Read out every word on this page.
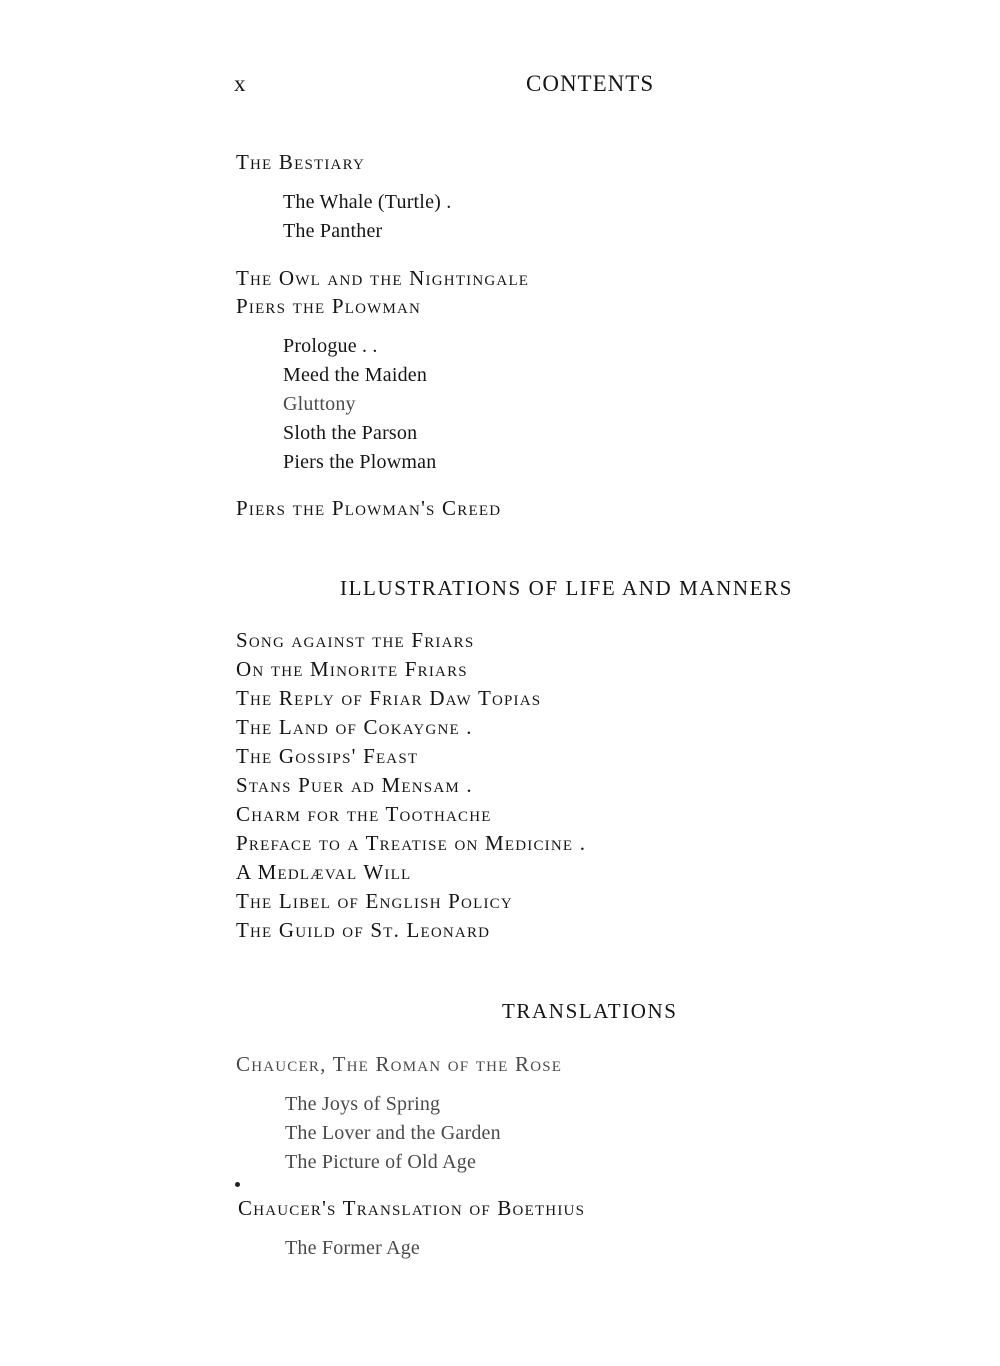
x	CONTENTS
The Bestiary
The Whale (Turtle) .
The Panther
The Owl and the Nightingale
Piers the Plowman
Prologue . .
Meed the Maiden
Gluttony
Sloth the Parson
Piers the Plowman
Piers the Plowman's Creed
ILLUSTRATIONS OF LIFE AND MANNERS
Song against the Friars
On the Minorite Friars
The Reply of Friar Daw Topias
The Land of Cokaygne .
The Gossips' Feast
Stans Puer ad Mensam .
Charm for the Toothache
Preface to a Treatise on Medicine .
A Medlæval Will
The Libel of English Policy
The Guild of St. Leonard
TRANSLATIONS
Chaucer, The Roman of the Rose
The Joys of Spring
The Lover and the Garden
The Picture of Old Age
Chaucer's Translation of Boethius
The Former Age
